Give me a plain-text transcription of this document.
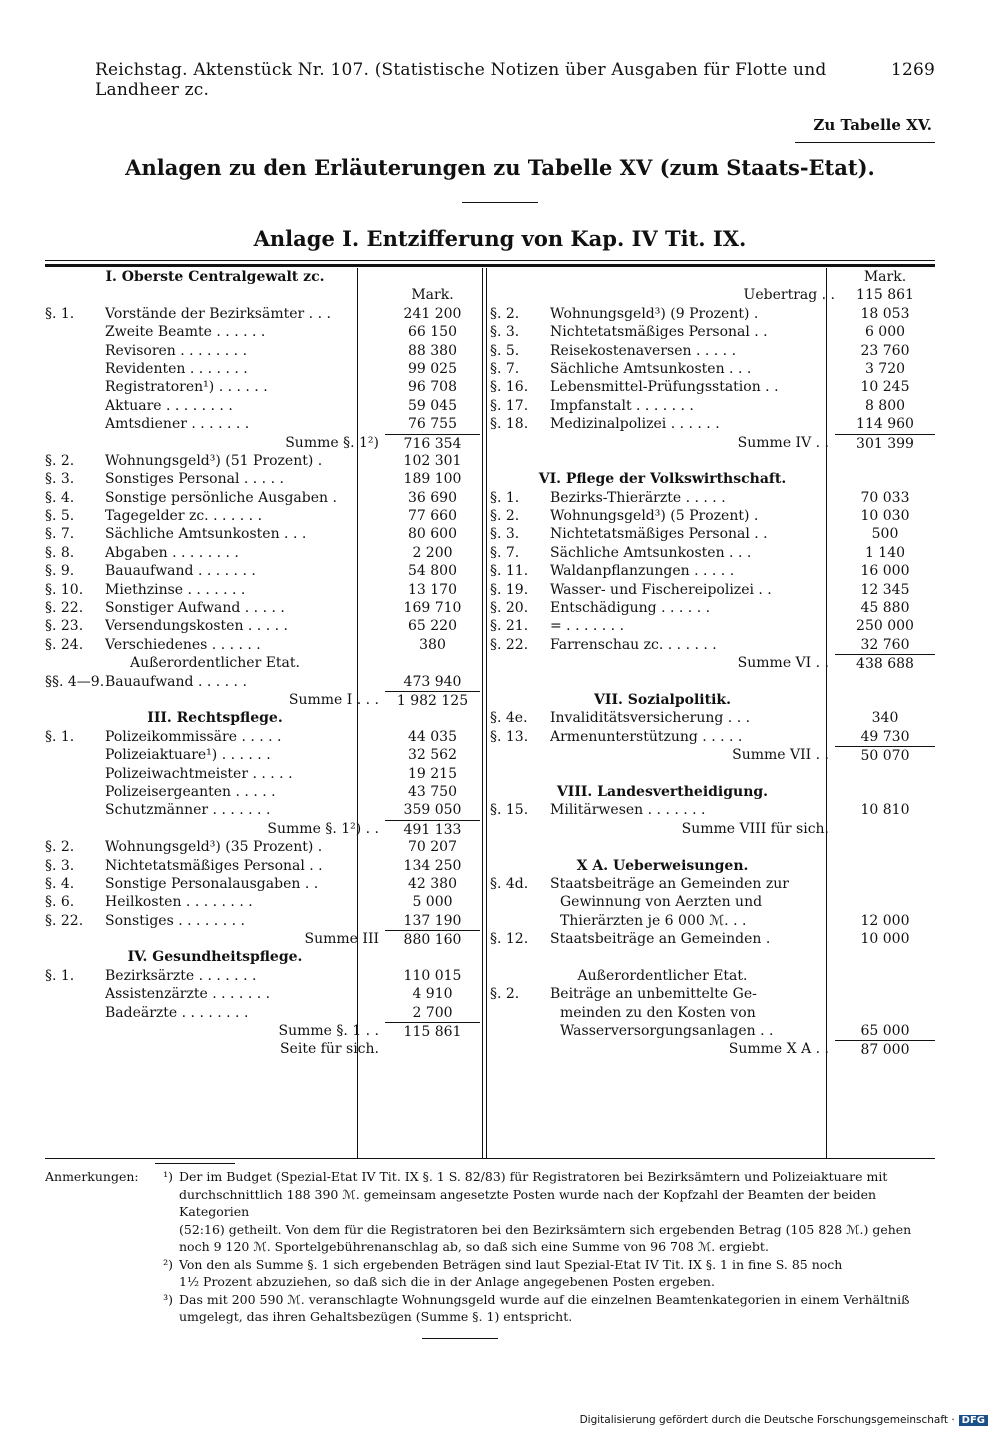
Reichstag. Aktenstück Nr. 107. (Statistische Notizen über Ausgaben für Flotte und Landheer zc.
1269
Zu Tabelle XV.
Anlagen zu den Erläuterungen zu Tabelle XV (zum Staats-Etat).
Anlage I. Entzifferung von Kap. IV Tit. IX.
I. Oberste Centralgewalt zc.
Mark.
§. 1.	Vorstände der Bezirksämter . . .	241 200
Zweite Beamte . . . . . .	66 150
Revisoren . . . . . . . .	88 380
Revidenten . . . . . . .	99 025
Registratoren¹) . . . . . .	96 708
Aktuare . . . . . . . .	59 045
Amtsdiener . . . . . . .	76 755
Summe §. 1²)	716 354
§. 2.	Wohnungsgeld³) (51 Prozent) .	102 301
§. 3.	Sonstiges Personal . . . . .	189 100
§. 4.	Sonstige persönliche Ausgaben .	36 690
§. 5.	Tagegelder zc. . . . . . .	77 660
§. 7.	Sächliche Amtsunkosten . . .	80 600
§. 8.	Abgaben . . . . . . . .	2 200
§. 9.	Bauaufwand . . . . . . .	54 800
§. 10.	Miethzinse . . . . . . .	13 170
§. 22.	Sonstiger Aufwand . . . . .	169 710
§. 23.	Versendungskosten . . . . .	65 220
§. 24.	Verschiedenes . . . . . .	380
Außerordentlicher Etat.
§§. 4—9. Bauaufwand . . . . . .	473 940
Summe I . . .	1 982 125
III. Rechtspflege.
§. 1.	Polizeikommissäre . . . . .	44 035
Polizeiaktuare¹) . . . . . .	32 562
Polizeiwachtmeister . . . . .	19 215
Polizeisergeanten . . . . .	43 750
Schutzmänner . . . . . . .	359 050
Summe §. 1²) . .	491 133
§. 2.	Wohnungsgeld³) (35 Prozent) .	70 207
§. 3.	Nichtetatsmäßiges Personal . .	134 250
§. 4.	Sonstige Personalausgaben . .	42 380
§. 6.	Heilkosten . . . . . . . .	5 000
§. 22.	Sonstiges . . . . . . . .	137 190
Summe III	880 160
IV. Gesundheitspflege.
§. 1.	Bezirksärzte . . . . . . .	110 015
Assistenzärzte . . . . . . .	4 910
Badeärzte . . . . . . . .	2 700
Summe §. 1 . .	115 861
Seite für sich.
Mark.
Uebertrag . .	115 861
§. 2.	Wohnungsgeld³) (9 Prozent) .	18 053
§. 3.	Nichtetatsmäßiges Personal . .	6 000
§. 5.	Reisekostenaversen . . . . .	23 760
§. 7.	Sächliche Amtsunkosten . . .	3 720
§. 16.	Lebensmittel-Prüfungsstation . .	10 245
§. 17.	Impfanstalt . . . . . . .	8 800
§. 18.	Medizinalpolizei . . . . . .	114 960
Summe IV . .	301 399
VI. Pflege der Volkswirthschaft.
§. 1.	Bezirks-Thierärzte . . . . .	70 033
§. 2.	Wohnungsgeld³) (5 Prozent) .	10 030
§. 3.	Nichtetatsmäßiges Personal . .	500
§. 7.	Sächliche Amtsunkosten . . .	1 140
§. 11.	Waldanpflanzungen . . . . .	16 000
§. 19.	Wasser- und Fischereipolizei . .	12 345
§. 20.	Entschädigung . . . . . .	45 880
§. 21.	= . . . . . . .	250 000
§. 22.	Farrenschau zc. . . . . . .	32 760
Summe VI . .	438 688
VII. Sozialpolitik.
§. 4e.	Invaliditätsversicherung . . .	340
§. 13.	Armenunterstützung . . . . .	49 730
Summe VII . .	50 070
VIII. Landesvertheidigung.
§. 15.	Militärwesen . . . . . . .	10 810
Summe VIII für sich.
X A. Ueberweisungen.
§. 4d.	Staatsbeiträge an Gemeinden zur
Gewinnung von Aerzten und
Thierärzten je 6 000 ℳ. . .	12 000
§. 12.	Staatsbeiträge an Gemeinden .	10 000
Außerordentlicher Etat.
§. 2.	Beiträge an unbemittelte Ge-
meinden zu den Kosten von
Wasserversorgungsanlagen . .	65 000
Summe X A . .	87 000
Anmerkungen:	¹) Der im Budget (Spezial-Etat IV Tit. IX §. 1 S. 82/83) für Registratoren bei Bezirksämtern und Polizeiaktuare mit
durchschnittlich 188 390 ℳ. gemeinsam angesetzte Posten wurde nach der Kopfzahl der Beamten der beiden Kategorien
(52:16) getheilt. Von dem für die Registratoren bei den Bezirksämtern sich ergebenden Betrag (105 828 ℳ.) gehen
noch 9 120 ℳ. Sportelgebührenanschlag ab, so daß sich eine Summe von 96 708 ℳ. ergiebt.
²) Von den als Summe §. 1 sich ergebenden Beträgen sind laut Spezial-Etat IV Tit. IX §. 1 in fine S. 85 noch
1½ Prozent abzuziehen, so daß sich die in der Anlage angegebenen Posten ergeben.
³) Das mit 200 590 ℳ. veranschlagte Wohnungsgeld wurde auf die einzelnen Beamtenkategorien in einem Verhältniß
umgelegt, das ihren Gehaltsbezügen (Summe §. 1) entspricht.
Digitalisierung gefördert durch die Deutsche Forschungsgemeinschaft · DFG
